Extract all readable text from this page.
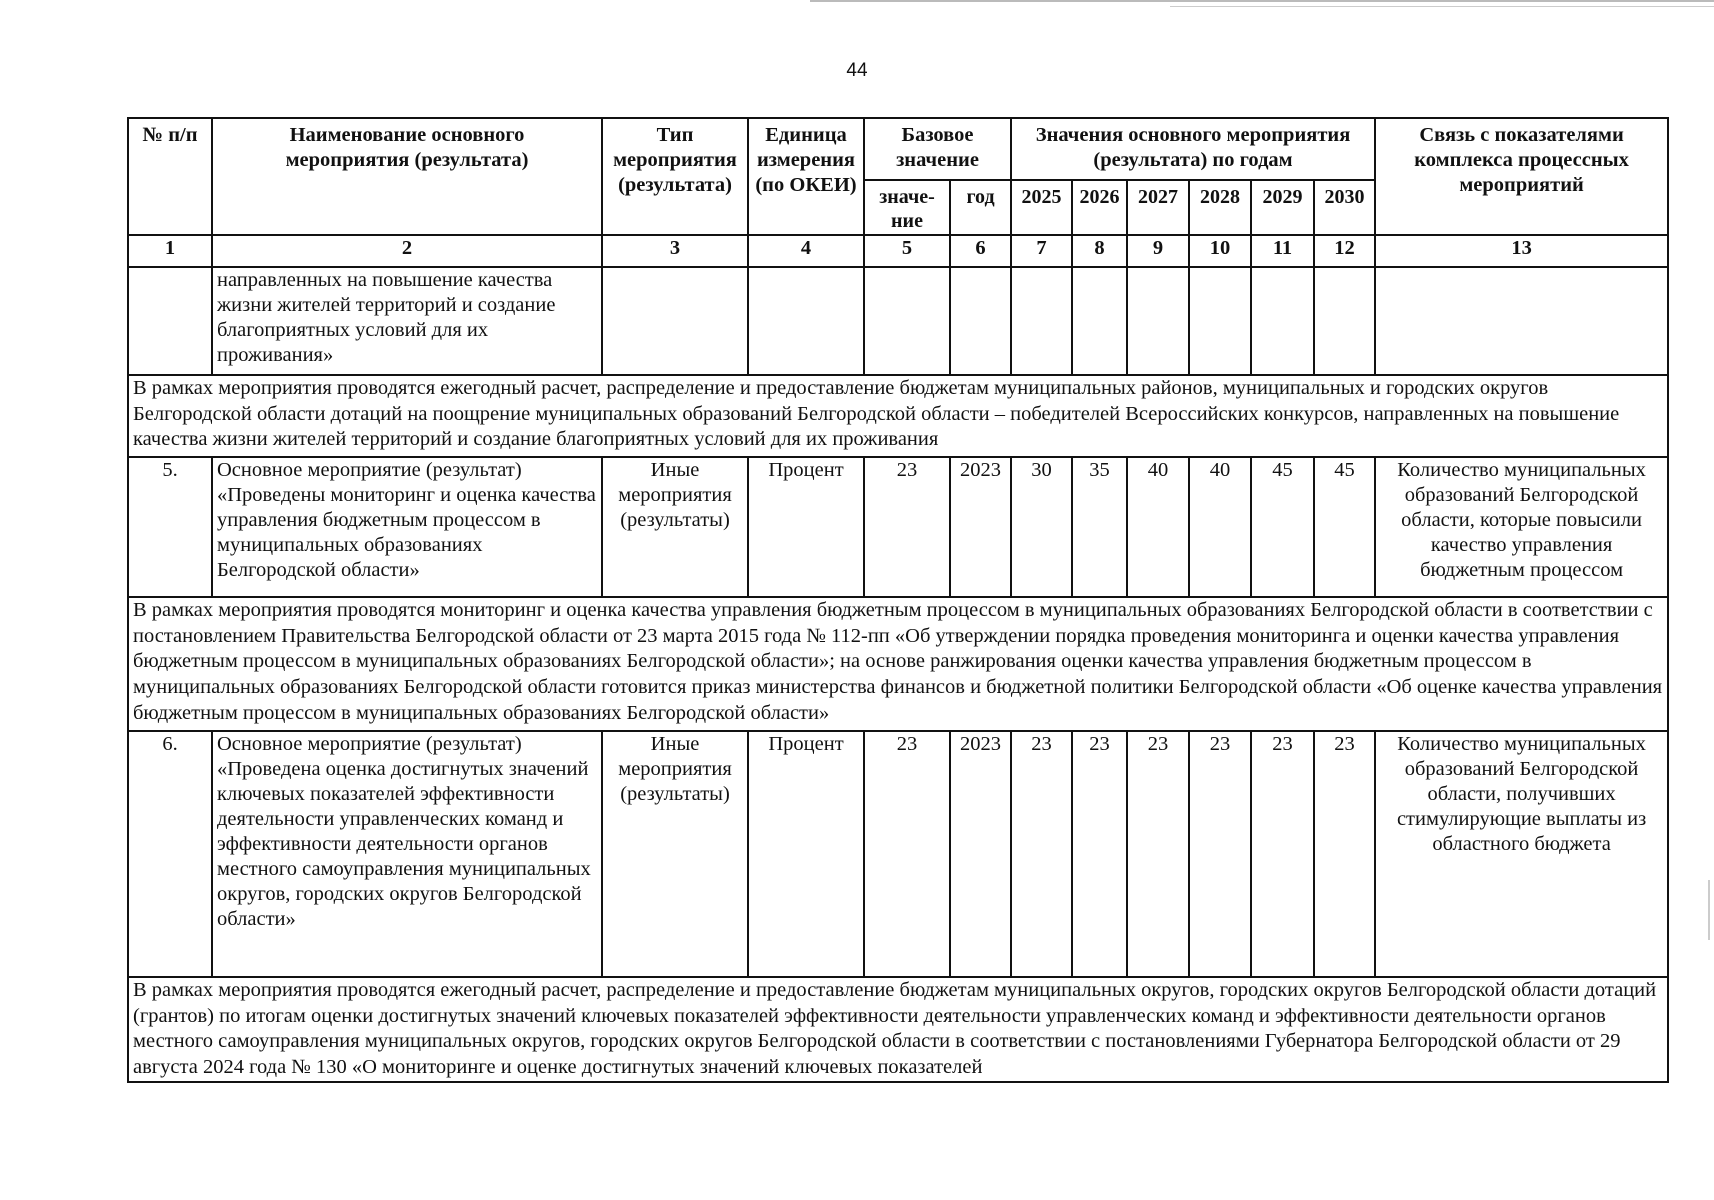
44
№ п/п	Наименование основного мероприятия (результата)	Тип мероприятия (результата)	Единица измерения (по ОКЕИ)	Базовое значение		Значения основного мероприятия (результата) по годам						Связь с показателями комплекса процессных мероприятий
				значе-ние	год	2025	2026	2027	2028	2029	2030	
1	2	3	4	5	6	7	8	9	10	11	12	13
	направленных на повышение качества жизни жителей территорий и создание благоприятных условий для их проживания»											
В рамках мероприятия проводятся ежегодный расчет, распределение и предоставление бюджетам муниципальных районов, муниципальных и городских округов Белгородской области дотаций на поощрение муниципальных образований Белгородской области – победителей Всероссийских конкурсов, направленных на повышение качества жизни жителей территорий и создание благоприятных условий для их проживания												
5.	Основное мероприятие (результат) «Проведены мониторинг и оценка качества управления бюджетным процессом в муниципальных образованиях Белгородской области»	Иные мероприятия (результаты)	Процент	23	2023	30	35	40	40	45	45	Количество муниципальных образований Белгородской области, которые повысили качество управления бюджетным процессом
В рамках мероприятия проводятся мониторинг и оценка качества управления бюджетным процессом в муниципальных образованиях Белгородской области в соответствии с постановлением Правительства Белгородской области от 23 марта 2015 года № 112-пп «Об утверждении порядка проведения мониторинга и оценки качества управления бюджетным процессом в муниципальных образованиях Белгородской области»; на основе ранжирования оценки качества управления бюджетным процессом в муниципальных образованиях Белгородской области готовится приказ министерства финансов и бюджетной политики Белгородской области «Об оценке качества управления бюджетным процессом в муниципальных образованиях Белгородской области»												
6.	Основное мероприятие (результат) «Проведена оценка достигнутых значений ключевых показателей эффективности деятельности управленческих команд и эффективности деятельности органов местного самоуправления муниципальных округов, городских округов Белгородской области»	Иные мероприятия (результаты)	Процент	23	2023	23	23	23	23	23	23	Количество муниципальных образований Белгородской области, получивших стимулирующие выплаты из областного бюджета
В рамках мероприятия проводятся ежегодный расчет, распределение и предоставление бюджетам муниципальных округов, городских округов Белгородской области дотаций (грантов) по итогам оценки достигнутых значений ключевых показателей эффективности деятельности управленческих команд и эффективности деятельности органов местного самоуправления муниципальных округов, городских округов Белгородской области в соответствии с постановлениями Губернатора Белгородской области от 29 августа 2024 года № 130 «О мониторинге и оценке достигнутых значений ключевых показателей												
